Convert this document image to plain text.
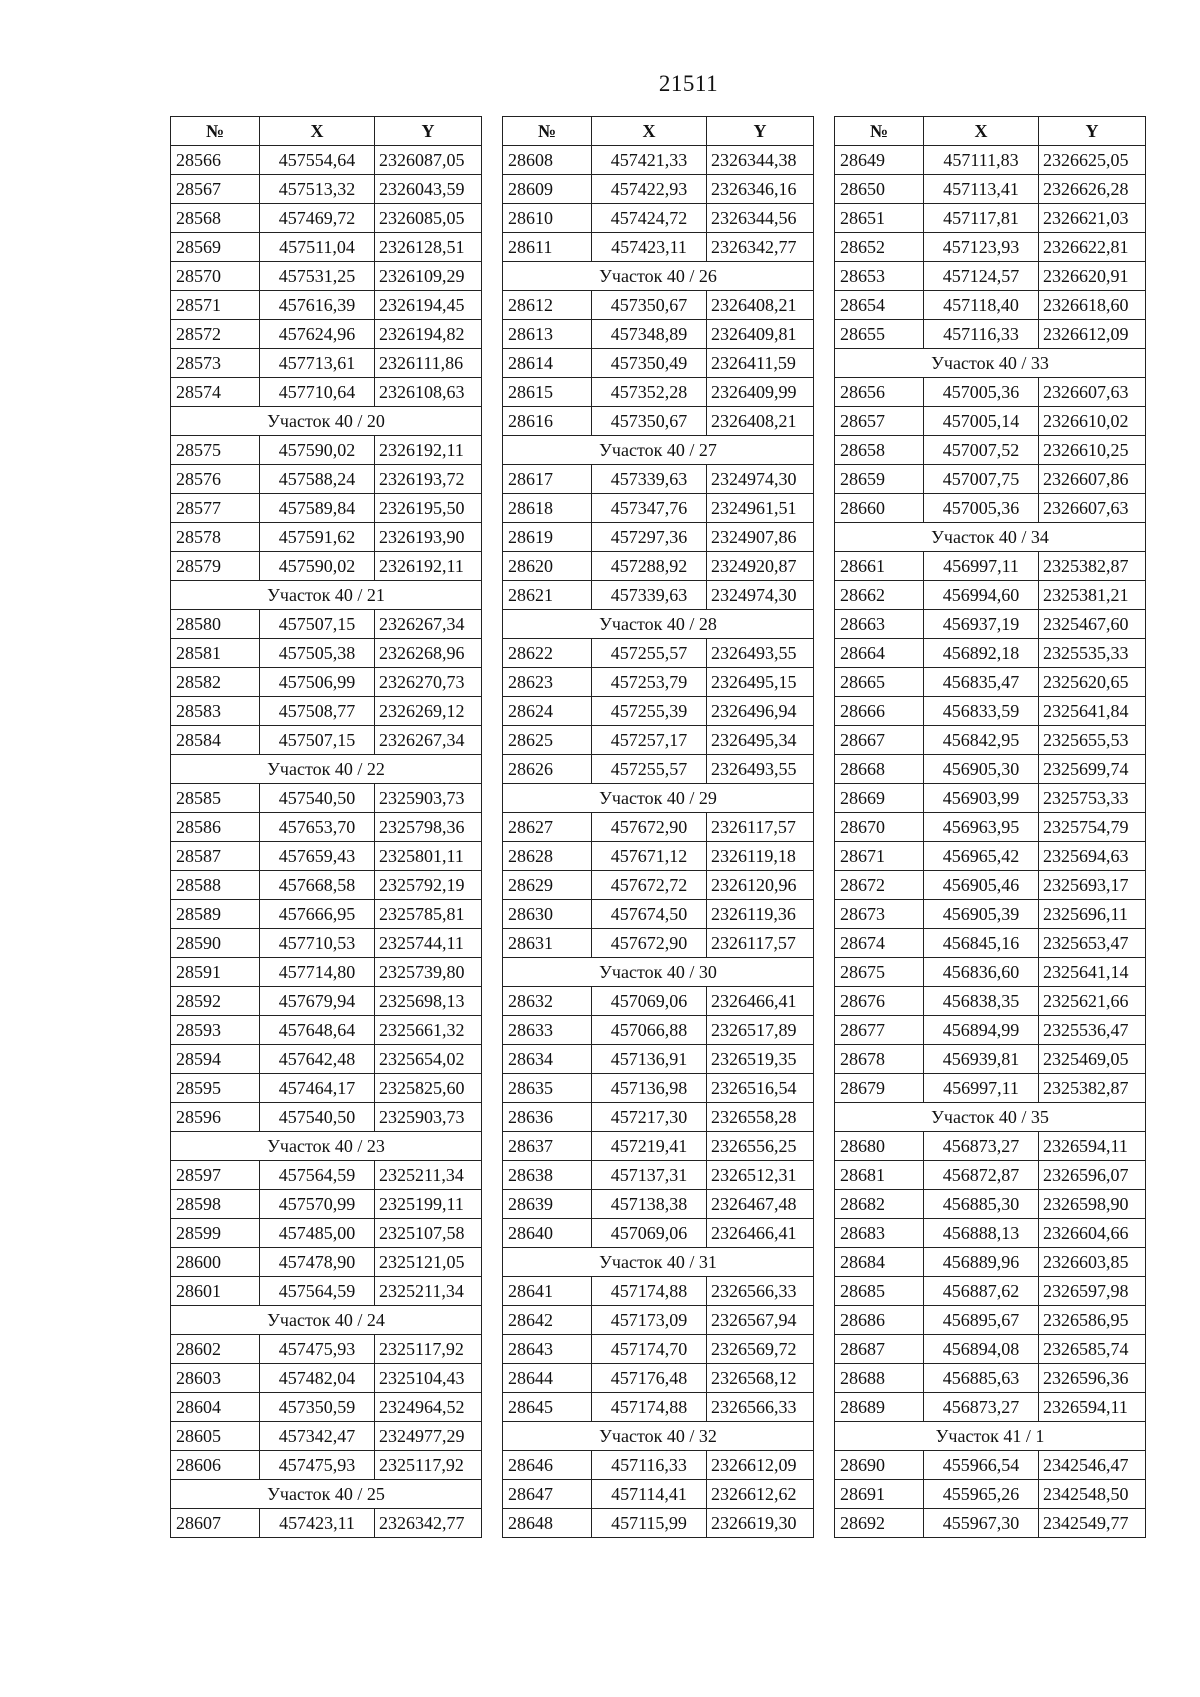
21511
№	X	Y
28566	457554,64	2326087,05
28567	457513,32	2326043,59
28568	457469,72	2326085,05
28569	457511,04	2326128,51
28570	457531,25	2326109,29
28571	457616,39	2326194,45
28572	457624,96	2326194,82
28573	457713,61	2326111,86
28574	457710,64	2326108,63
Участок 40 / 20		
28575	457590,02	2326192,11
28576	457588,24	2326193,72
28577	457589,84	2326195,50
28578	457591,62	2326193,90
28579	457590,02	2326192,11
Участок 40 / 21		
28580	457507,15	2326267,34
28581	457505,38	2326268,96
28582	457506,99	2326270,73
28583	457508,77	2326269,12
28584	457507,15	2326267,34
Участок 40 / 22		
28585	457540,50	2325903,73
28586	457653,70	2325798,36
28587	457659,43	2325801,11
28588	457668,58	2325792,19
28589	457666,95	2325785,81
28590	457710,53	2325744,11
28591	457714,80	2325739,80
28592	457679,94	2325698,13
28593	457648,64	2325661,32
28594	457642,48	2325654,02
28595	457464,17	2325825,60
28596	457540,50	2325903,73
Участок 40 / 23		
28597	457564,59	2325211,34
28598	457570,99	2325199,11
28599	457485,00	2325107,58
28600	457478,90	2325121,05
28601	457564,59	2325211,34
Участок 40 / 24		
28602	457475,93	2325117,92
28603	457482,04	2325104,43
28604	457350,59	2324964,52
28605	457342,47	2324977,29
28606	457475,93	2325117,92
Участок 40 / 25		
28607	457423,11	2326342,77
№	X	Y
28608	457421,33	2326344,38
28609	457422,93	2326346,16
28610	457424,72	2326344,56
28611	457423,11	2326342,77
Участок 40 / 26		
28612	457350,67	2326408,21
28613	457348,89	2326409,81
28614	457350,49	2326411,59
28615	457352,28	2326409,99
28616	457350,67	2326408,21
Участок 40 / 27		
28617	457339,63	2324974,30
28618	457347,76	2324961,51
28619	457297,36	2324907,86
28620	457288,92	2324920,87
28621	457339,63	2324974,30
Участок 40 / 28		
28622	457255,57	2326493,55
28623	457253,79	2326495,15
28624	457255,39	2326496,94
28625	457257,17	2326495,34
28626	457255,57	2326493,55
Участок 40 / 29		
28627	457672,90	2326117,57
28628	457671,12	2326119,18
28629	457672,72	2326120,96
28630	457674,50	2326119,36
28631	457672,90	2326117,57
Участок 40 / 30		
28632	457069,06	2326466,41
28633	457066,88	2326517,89
28634	457136,91	2326519,35
28635	457136,98	2326516,54
28636	457217,30	2326558,28
28637	457219,41	2326556,25
28638	457137,31	2326512,31
28639	457138,38	2326467,48
28640	457069,06	2326466,41
Участок 40 / 31		
28641	457174,88	2326566,33
28642	457173,09	2326567,94
28643	457174,70	2326569,72
28644	457176,48	2326568,12
28645	457174,88	2326566,33
Участок 40 / 32		
28646	457116,33	2326612,09
28647	457114,41	2326612,62
28648	457115,99	2326619,30
№	X	Y
28649	457111,83	2326625,05
28650	457113,41	2326626,28
28651	457117,81	2326621,03
28652	457123,93	2326622,81
28653	457124,57	2326620,91
28654	457118,40	2326618,60
28655	457116,33	2326612,09
Участок 40 / 33		
28656	457005,36	2326607,63
28657	457005,14	2326610,02
28658	457007,52	2326610,25
28659	457007,75	2326607,86
28660	457005,36	2326607,63
Участок 40 / 34		
28661	456997,11	2325382,87
28662	456994,60	2325381,21
28663	456937,19	2325467,60
28664	456892,18	2325535,33
28665	456835,47	2325620,65
28666	456833,59	2325641,84
28667	456842,95	2325655,53
28668	456905,30	2325699,74
28669	456903,99	2325753,33
28670	456963,95	2325754,79
28671	456965,42	2325694,63
28672	456905,46	2325693,17
28673	456905,39	2325696,11
28674	456845,16	2325653,47
28675	456836,60	2325641,14
28676	456838,35	2325621,66
28677	456894,99	2325536,47
28678	456939,81	2325469,05
28679	456997,11	2325382,87
Участок 40 / 35		
28680	456873,27	2326594,11
28681	456872,87	2326596,07
28682	456885,30	2326598,90
28683	456888,13	2326604,66
28684	456889,96	2326603,85
28685	456887,62	2326597,98
28686	456895,67	2326586,95
28687	456894,08	2326585,74
28688	456885,63	2326596,36
28689	456873,27	2326594,11
Участок 41 / 1		
28690	455966,54	2342546,47
28691	455965,26	2342548,50
28692	455967,30	2342549,77
